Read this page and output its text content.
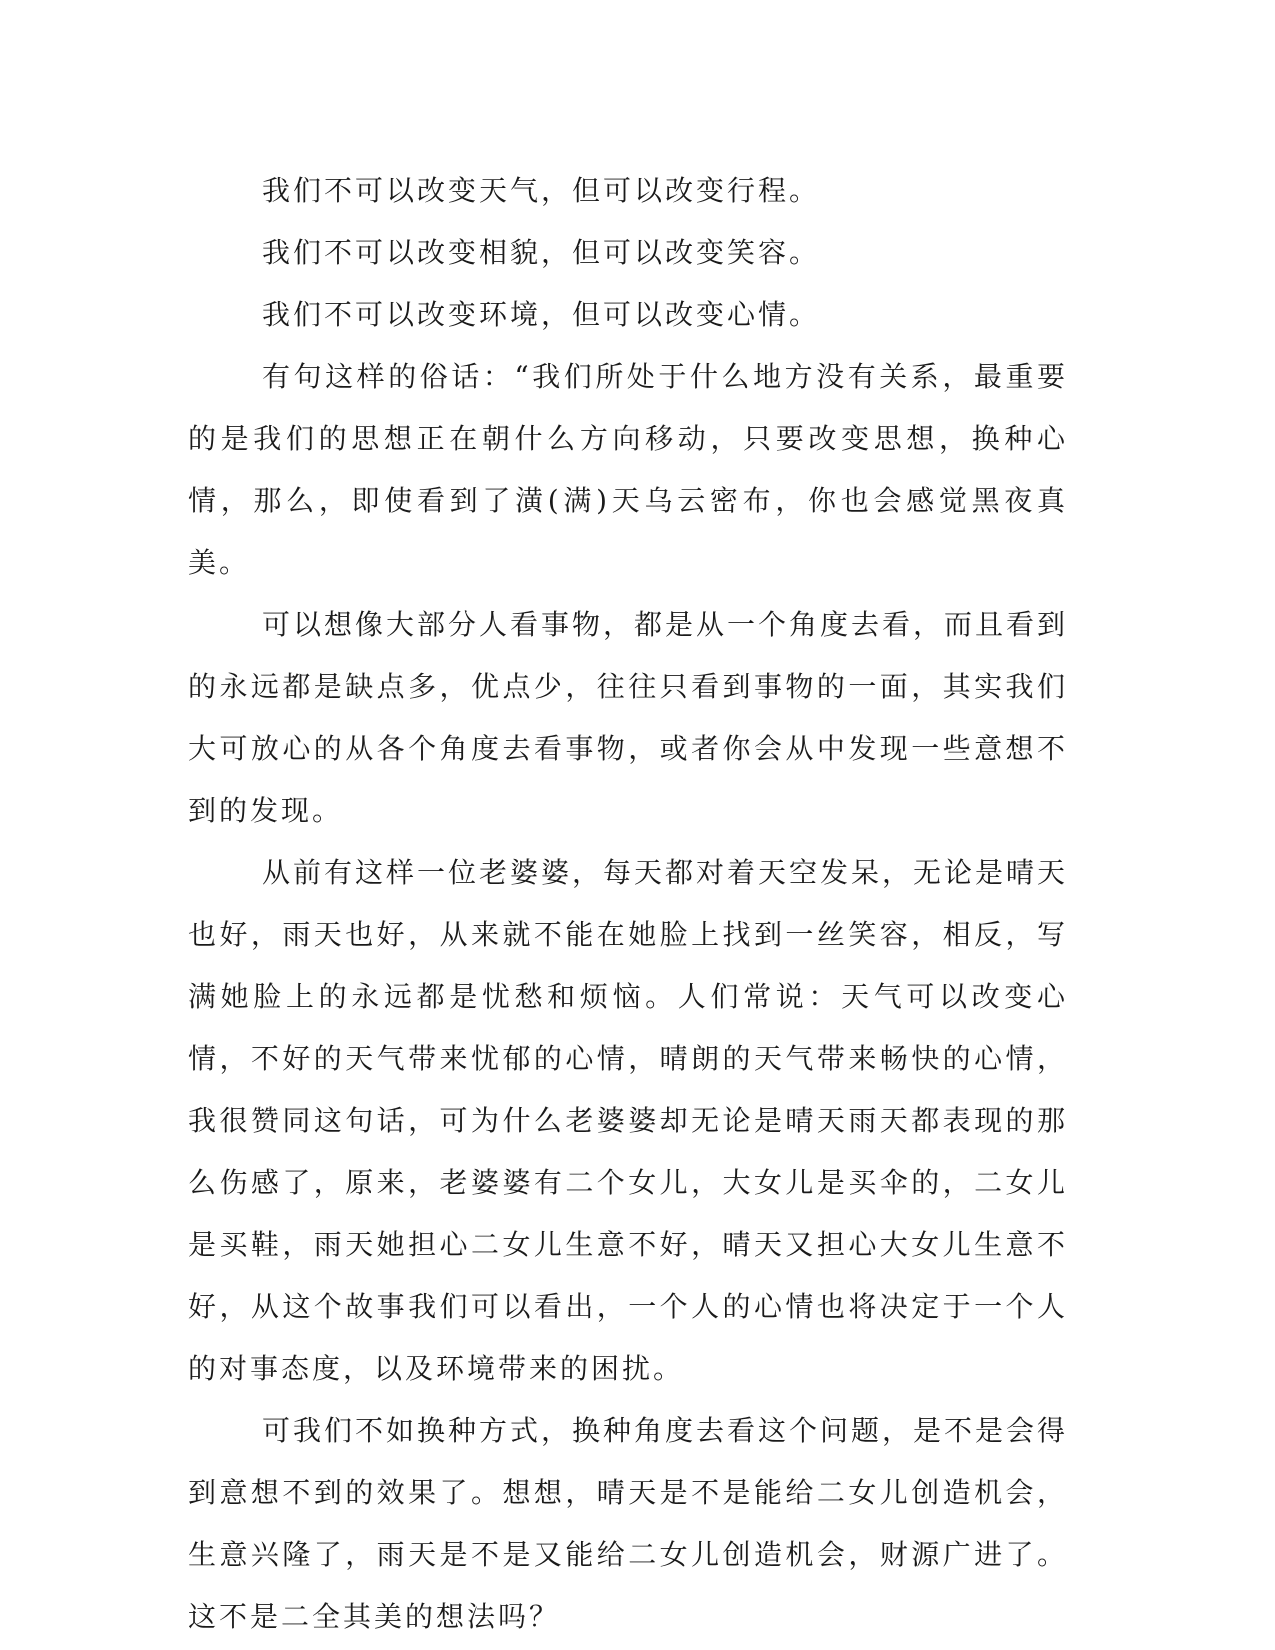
我们不可以改变天气，但可以改变行程。

我们不可以改变相貌，但可以改变笑容。

我们不可以改变环境，但可以改变心情。

有句这样的俗话：“我们所处于什么地方没有关系，最重要的是我们的思想正在朝什么方向移动，只要改变思想，换种心情，那么，即使看到了潢(满)天乌云密布，你也会感觉黑夜真美。

可以想像大部分人看事物，都是从一个角度去看，而且看到的永远都是缺点多，优点少，往往只看到事物的一面，其实我们大可放心的从各个角度去看事物，或者你会从中发现一些意想不到的发现。

从前有这样一位老婆婆，每天都对着天空发呆，无论是晴天也好，雨天也好，从来就不能在她脸上找到一丝笑容，相反，写满她脸上的永远都是忧愁和烦恼。人们常说：天气可以改变心情，不好的天气带来忧郁的心情，晴朗的天气带来畅快的心情，我很赞同这句话，可为什么老婆婆却无论是晴天雨天都表现的那么伤感了，原来，老婆婆有二个女儿，大女儿是买伞的，二女儿是买鞋，雨天她担心二女儿生意不好，晴天又担心大女儿生意不好，从这个故事我们可以看出，一个人的心情也将决定于一个人的对事态度，以及环境带来的困扰。

可我们不如换种方式，换种角度去看这个问题，是不是会得到意想不到的效果了。想想，晴天是不是能给二女儿创造机会，生意兴隆了，雨天是不是又能给二女儿创造机会，财源广进了。这不是二全其美的想法吗？
